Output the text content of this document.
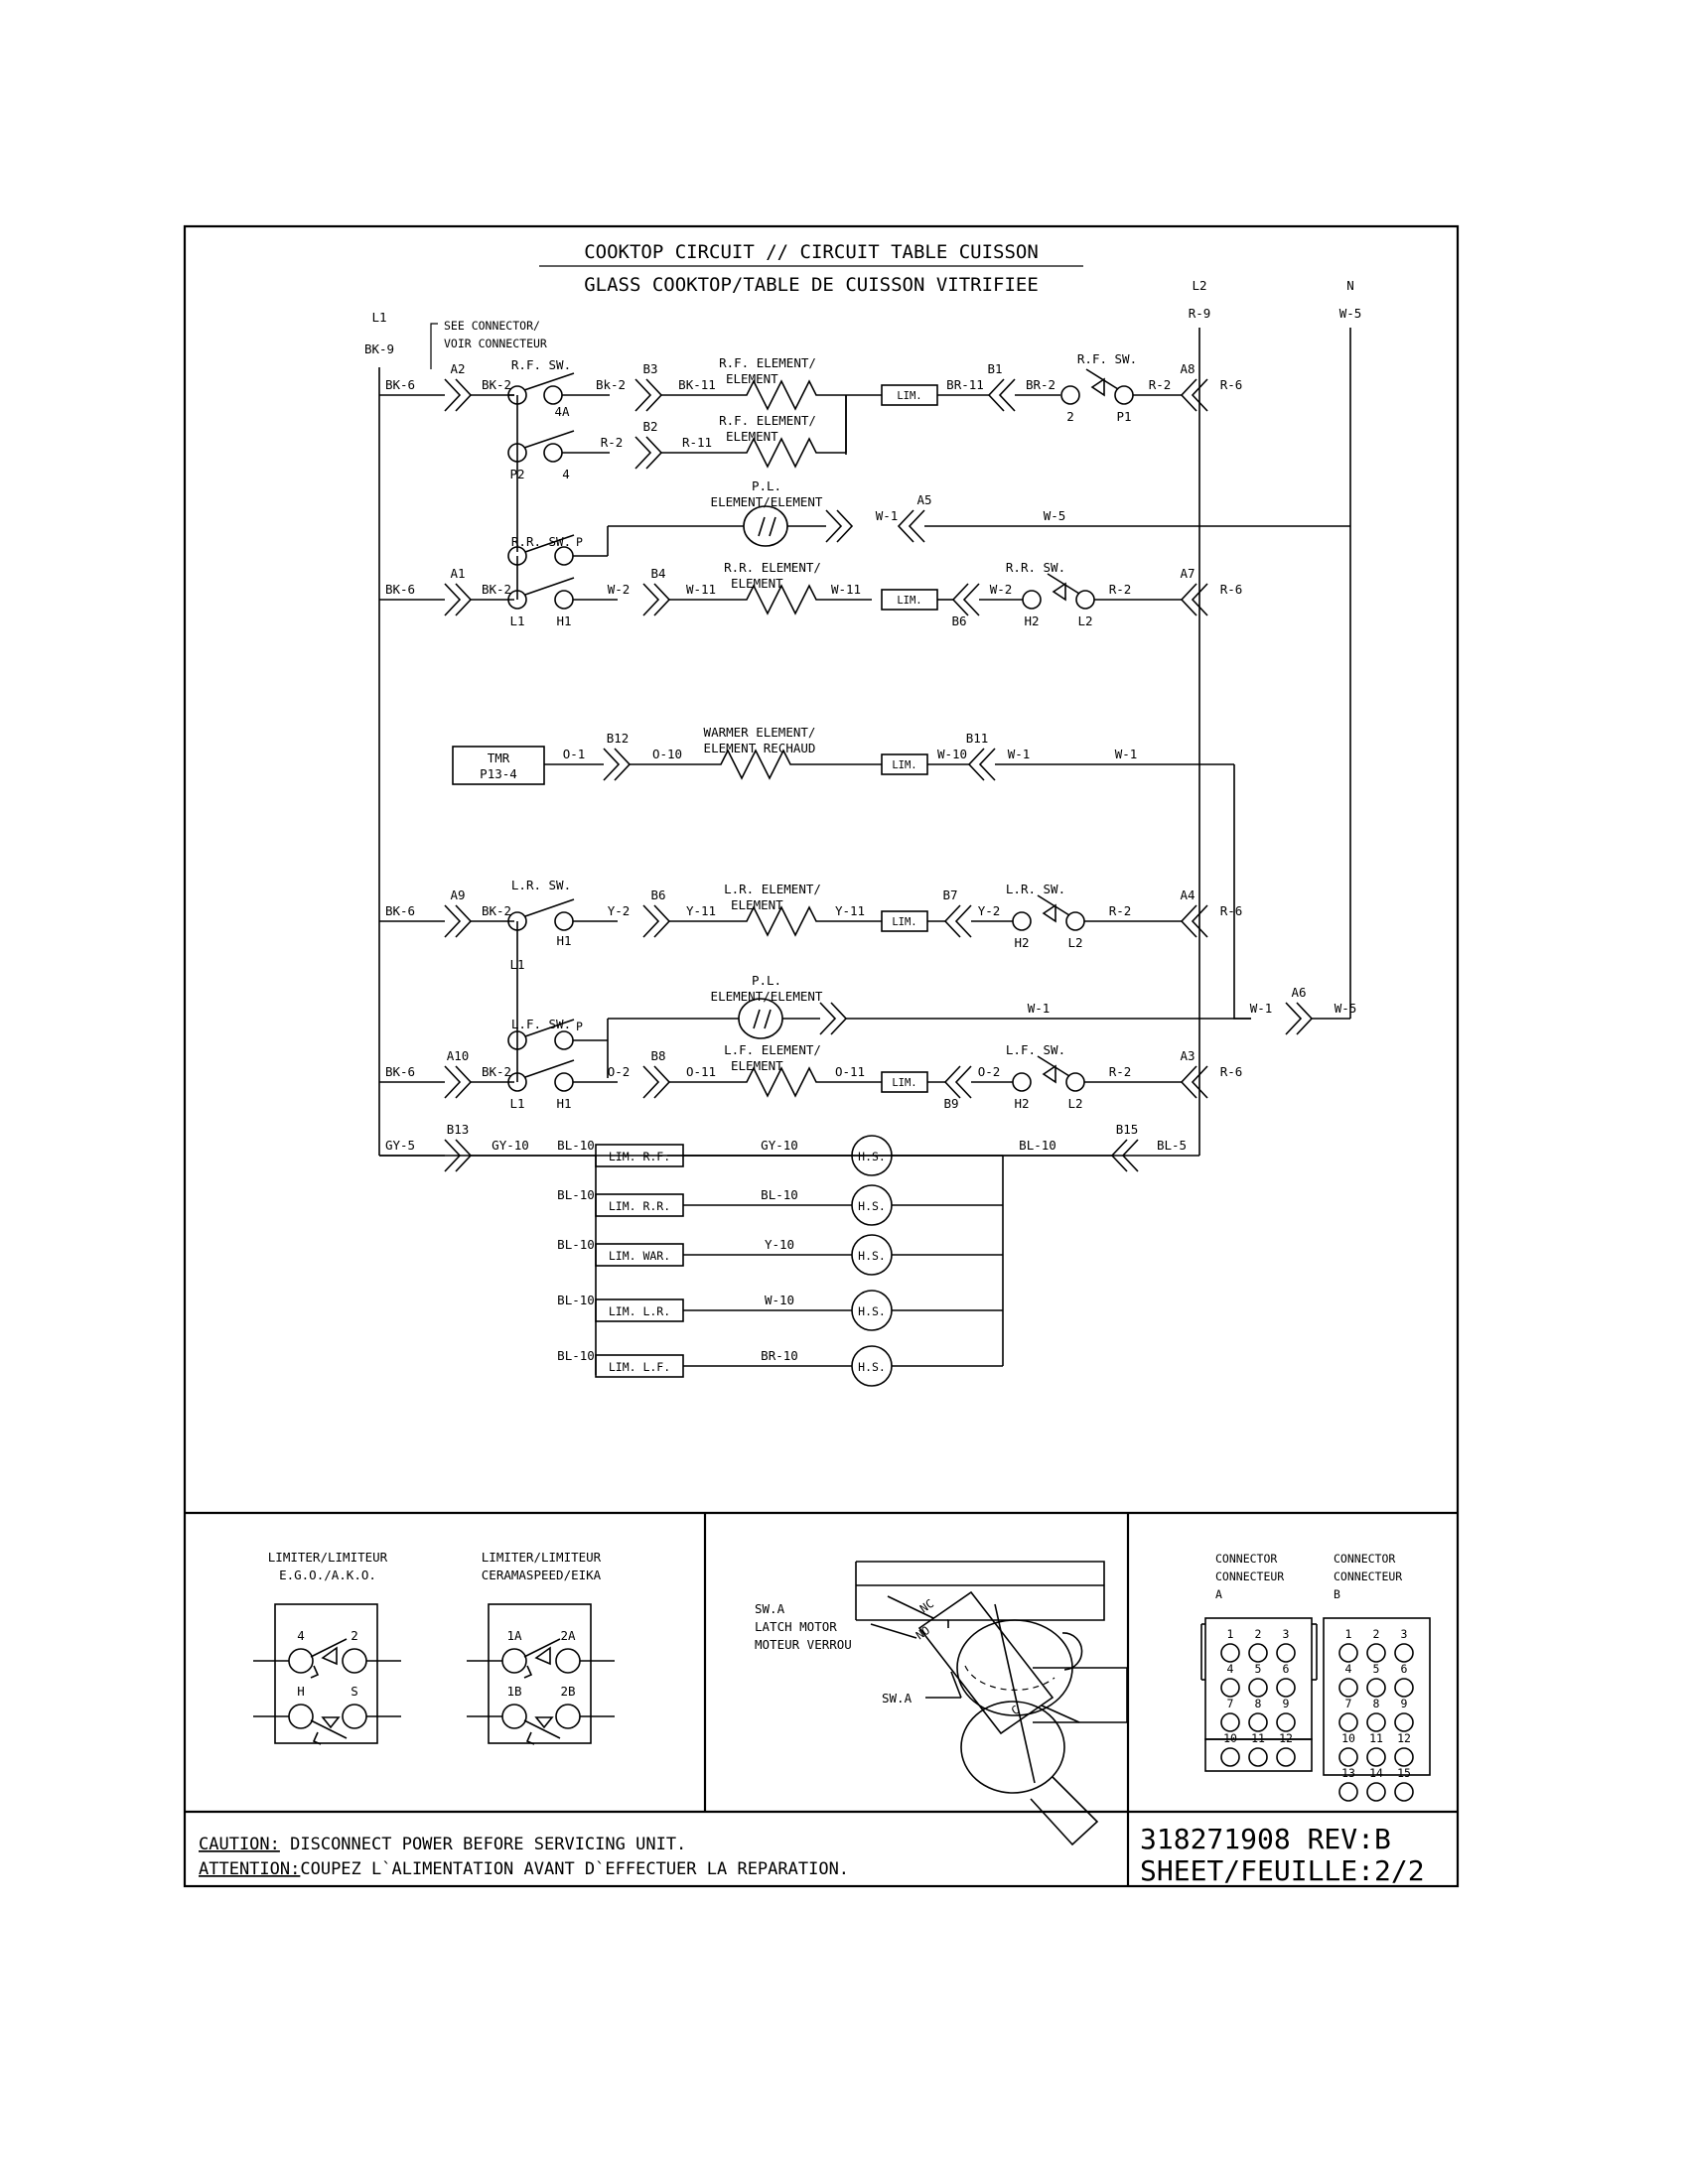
COOKTOP CIRCUIT // CIRCUIT TABLE CUISSON
GLASS COOKTOP/TABLE DE CUISSON VITRIFIEE
L1
BK-9
L2
R-9
N
W-5
SEE CONNECTOR/
VOIR CONNECTEUR
BK-6
A2
BK-2
R.F. SW.
4A
Bk-2
B3
BK-11
R.F. ELEMENT/
ELEMENT
LIM.
BR-11
B1
BR-2
R.F. SW.
2	P1
R-2
A8
R-6
P2	4
R-2
B2
R-11
R.F. ELEMENT/
ELEMENT
P.L.
ELEMENT/ELEMENT
W-1
A5
W-5
BK-6
A1
BK-2
R.R. SW. P
L1	H1
W-2
B4
W-11
R.R. ELEMENT/
ELEMENT	W-11
LIM.
W-2
B6
R.R. SW.
H2	L2
R-2
A7
R-6
TMR
P13-4
O-1
B12
O-10
WARMER ELEMENT/
ELEMENT RECHAUD
LIM.
W-10
B11
W-1	W-1
BK-6
A9
BK-2
L.R. SW.
H1
L1
Y-2
B6
Y-11
L.R. ELEMENT/
ELEMENT	Y-11
LIM.
B7
Y-2
L.R. SW.
H2	L2
R-2
A4
R-6
P.L.
ELEMENT/ELEMENT
W-1	W-1
A6
W-5
BK-6
A10
BK-2
L.F. SW. P
L1	H1
O-2
B8
O-11
L.F. ELEMENT/
ELEMENT	O-11
LIM.
O-2
B9
L.F. SW.
H2	L2
R-2
A3
R-6
GY-5
B13
GY-10 BL-10	GY-10	BL-10
B15
BL-5
LIM. R.F.	H.S.
BL-10
LIM. R.R.
BL-10
H.S.
BL-10
LIM. WAR.
Y-10
H.S.
BL-10
LIM. L.R.
W-10
H.S.
BL-10
LIM. L.F.
BR-10
H.S.
LIMITER/LIMITEUR
E.G.O./A.K.O.
4	2
H	S
LIMITER/LIMITEUR
CERAMASPEED/EIKA
1A	2A
1B	2B
SW.A
LATCH MOTOR
MOTEUR VERROU
SW.A
NC
NO
C
CONNECTOR
CONNECTEUR
A
1 2 3
4 5 6
7 8 9
10 11 12
CONNECTOR
CONNECTEUR
B
1 2 3
4 5 6
7 8 9
10 11 12
13 14 15
CAUTION: DISCONNECT POWER BEFORE SERVICING UNIT.
ATTENTION:COUPEZ L`ALIMENTATION AVANT D`EFFECTUER LA REPARATION.
318271908 REV:B
SHEET/FEUILLE:2/2
